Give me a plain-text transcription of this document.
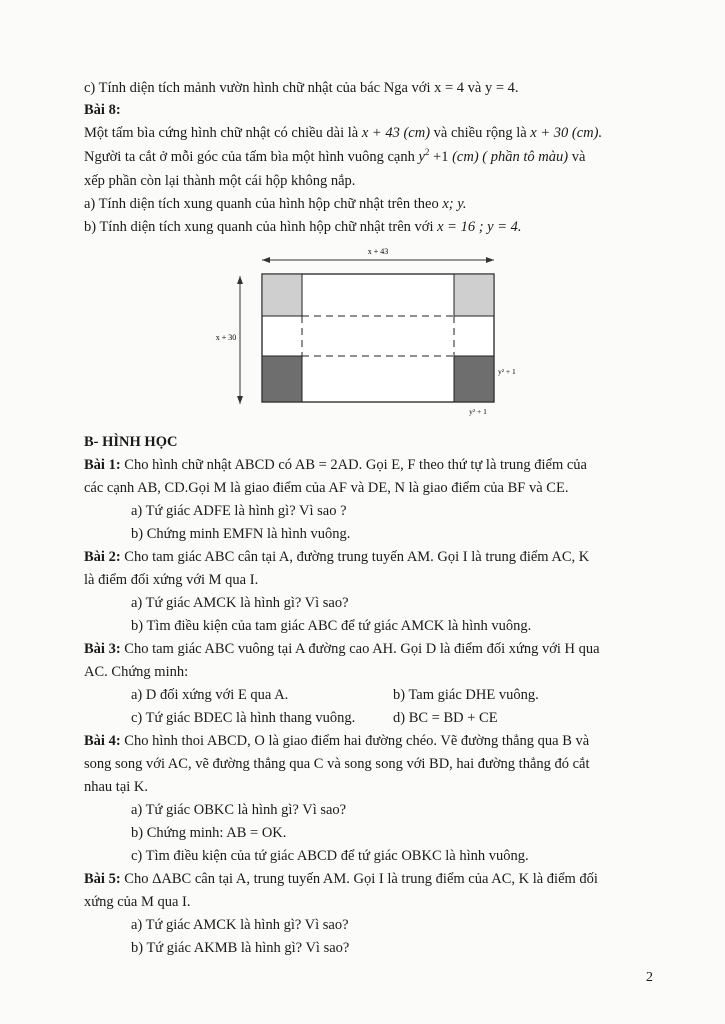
c) Tính diện tích mảnh vườn hình chữ nhật của bác Nga với x = 4 và y = 4.
Bài 8:
Một tấm bìa cứng hình chữ nhật có chiều dài là x + 43 (cm) và chiều rộng là x + 30 (cm).
Người ta cắt ở mỗi góc của tấm bìa một hình vuông cạnh $y^2 +1$ (cm) ( phần tô màu) và
xếp phần còn lại thành một cái hộp không nắp.
a) Tính diện tích xung quanh của hình hộp chữ nhật trên theo x; y.
b) Tính diện tích xung quanh của hình hộp chữ nhật trên với x = 16 ; y = 4.
x + 43
x + 30
y² + 1
y² + 1
B- HÌNH HỌC
Bài 1: Cho hình chữ nhật ABCD có AB = 2AD. Gọi E, F theo thứ tự là trung điểm của
các cạnh AB, CD.Gọi M là giao điểm của AF và DE, N là giao điểm của BF và CE.
a) Tứ giác ADFE là hình gì? Vì sao ?
b) Chứng minh EMFN là hình vuông.
Bài 2: Cho tam giác ABC cân tại A, đường trung tuyến AM. Gọi I là trung điểm AC, K
là điểm đối xứng với M qua I.
a) Tứ giác AMCK là hình gì? Vì sao?
b) Tìm điều kiện của tam giác ABC để tứ giác AMCK là hình vuông.
Bài 3: Cho tam giác ABC vuông tại A đường cao AH. Gọi D là điểm đối xứng với H qua
AC. Chứng minh:
a) D đối xứng với E qua A.	b) Tam giác DHE vuông.
c) Tứ giác BDEC là hình thang vuông.	d) BC = BD + CE
Bài 4: Cho hình thoi ABCD, O là giao điểm hai đường chéo. Vẽ đường thẳng qua B và
song song với AC, vẽ đường thẳng qua C và song song với BD, hai đường thẳng đó cắt
nhau tại K.
a) Tứ giác OBKC là hình gì? Vì sao?
b) Chứng minh: AB = OK.
c) Tìm điều kiện của tứ giác ABCD để tứ giác OBKC là hình vuông.
Bài 5: Cho ΔABC cân tại A, trung tuyến AM. Gọi I là trung điểm của AC, K là điểm đối
xứng của M qua I.
a) Tứ giác AMCK là hình gì? Vì sao?
b) Tứ giác AKMB là hình gì? Vì sao?
2
